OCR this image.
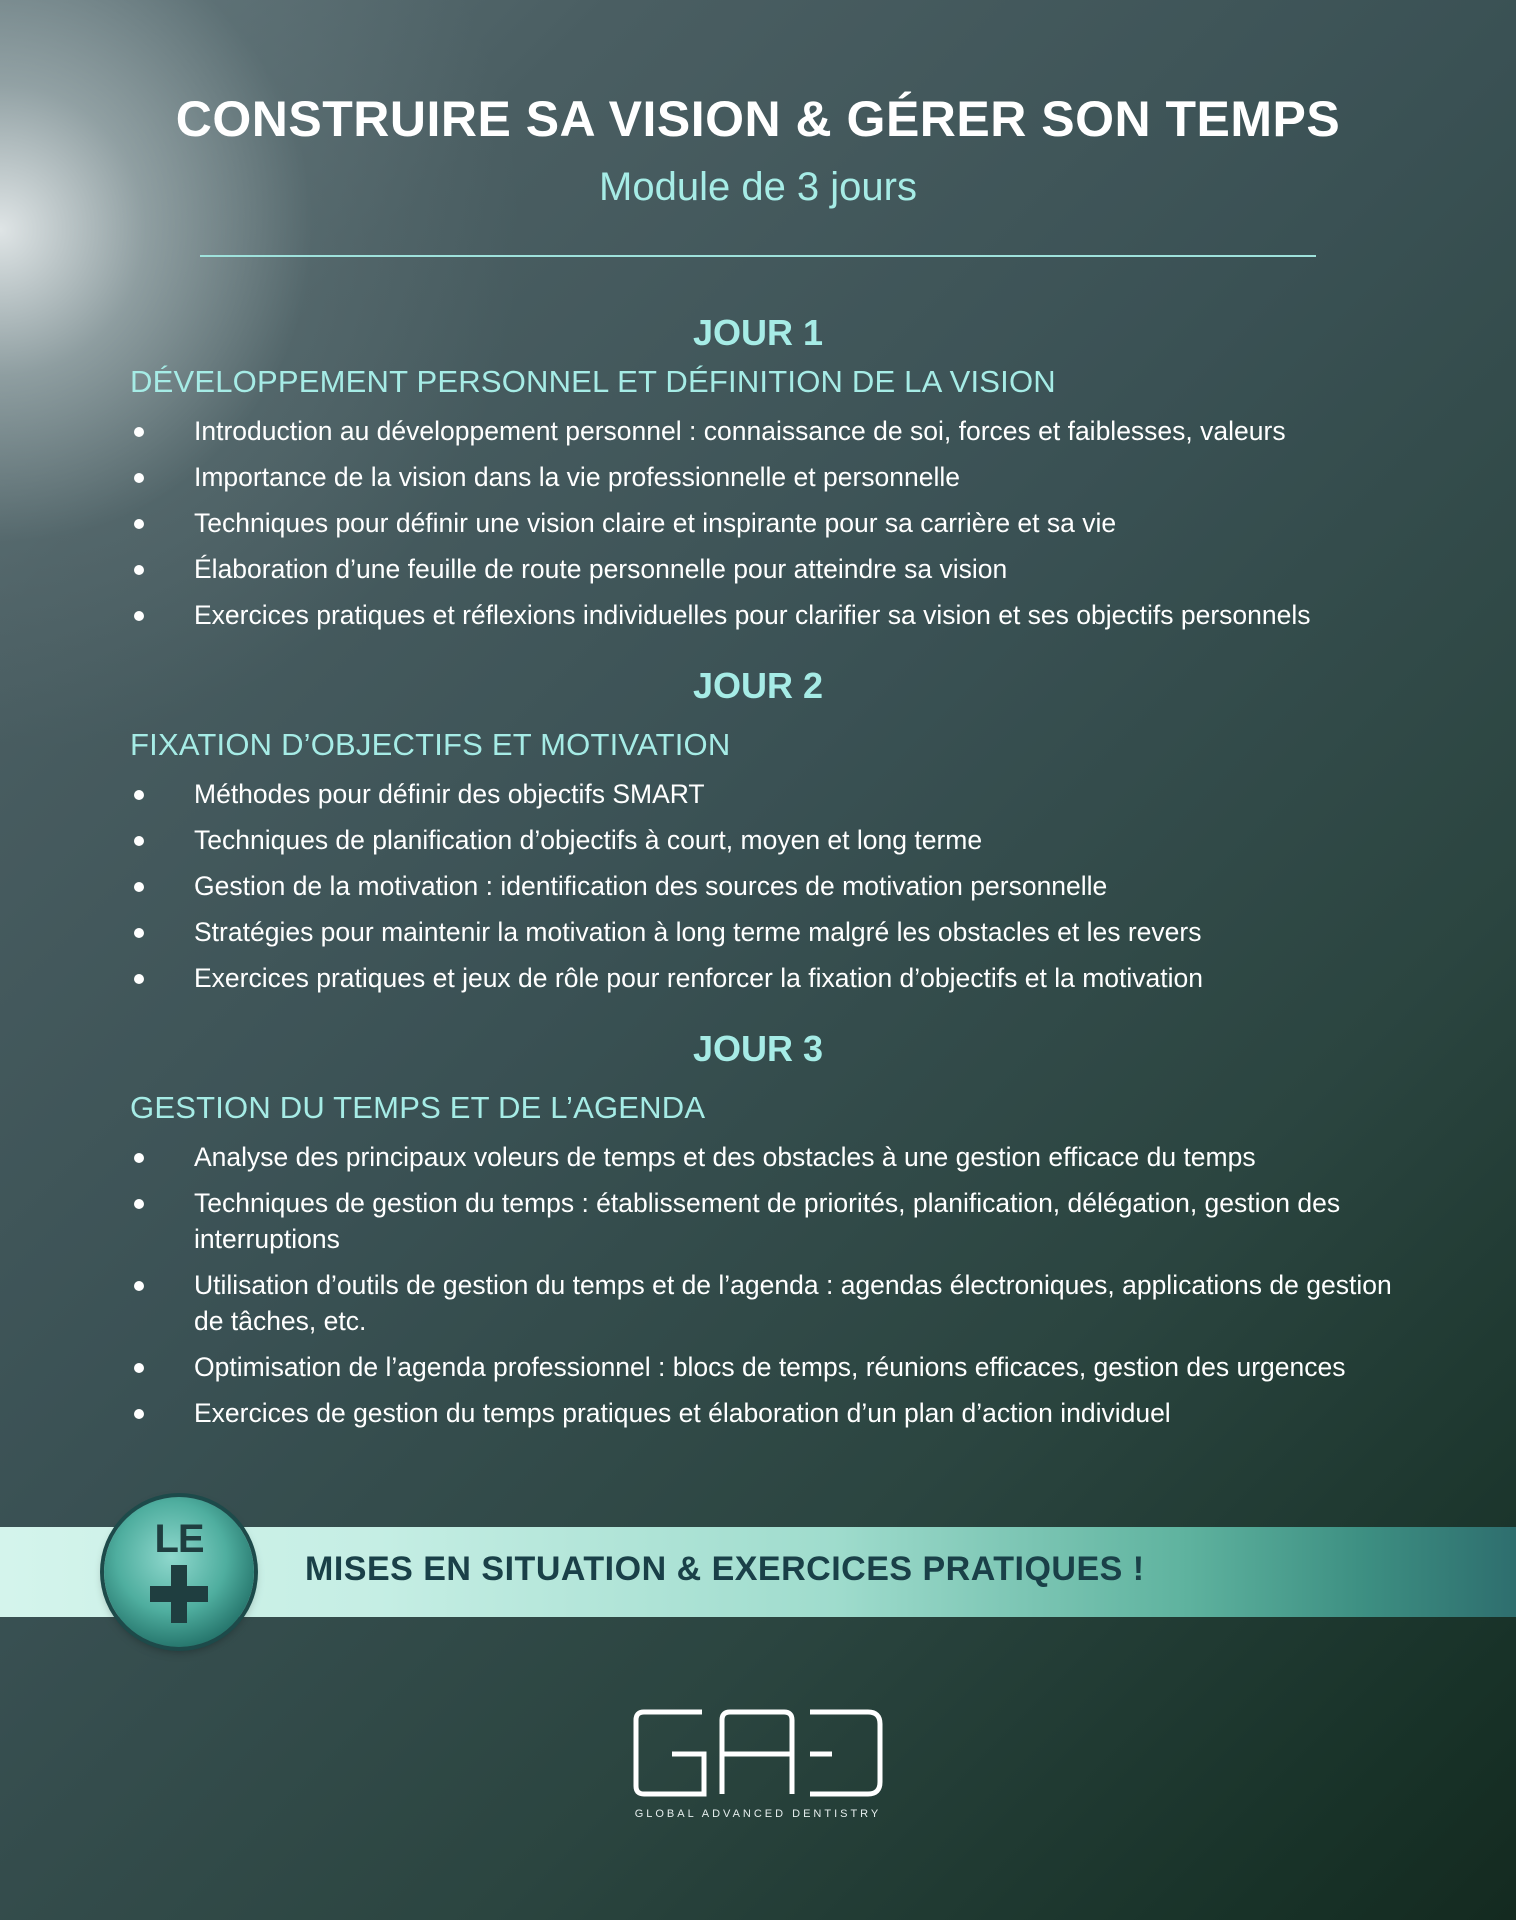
CONSTRUIRE SA VISION & GÉRER SON TEMPS
Module de 3 jours
JOUR 1
DÉVELOPPEMENT PERSONNEL ET DÉFINITION DE LA VISION
Introduction au développement personnel : connaissance de soi, forces et faiblesses, valeurs
Importance de la vision dans la vie professionnelle et personnelle
Techniques pour définir une vision claire et inspirante pour sa carrière et sa vie
Élaboration d’une feuille de route personnelle pour atteindre sa vision
Exercices pratiques et réflexions individuelles pour clarifier sa vision et ses objectifs personnels
JOUR 2
FIXATION D’OBJECTIFS ET MOTIVATION
Méthodes pour définir des objectifs SMART
Techniques de planification d’objectifs à court, moyen et long terme
Gestion de la motivation : identification des sources de motivation personnelle
Stratégies pour maintenir la motivation à long terme malgré les obstacles et les revers
Exercices pratiques et jeux de rôle pour renforcer la fixation d’objectifs et la motivation
JOUR 3
GESTION DU TEMPS ET DE L’AGENDA
Analyse des principaux voleurs de temps et des obstacles à une gestion efficace du temps
Techniques de gestion du temps : établissement de priorités, planification, délégation, gestion des interruptions
Utilisation d’outils de gestion du temps et de l’agenda : agendas électroniques, applications de gestion de tâches, etc.
Optimisation de l’agenda professionnel : blocs de temps, réunions efficaces, gestion des urgences
Exercices de gestion du temps pratiques et élaboration d’un plan d’action individuel
MISES EN SITUATION & EXERCICES PRATIQUES !
LE
GLOBAL ADVANCED DENTISTRY
